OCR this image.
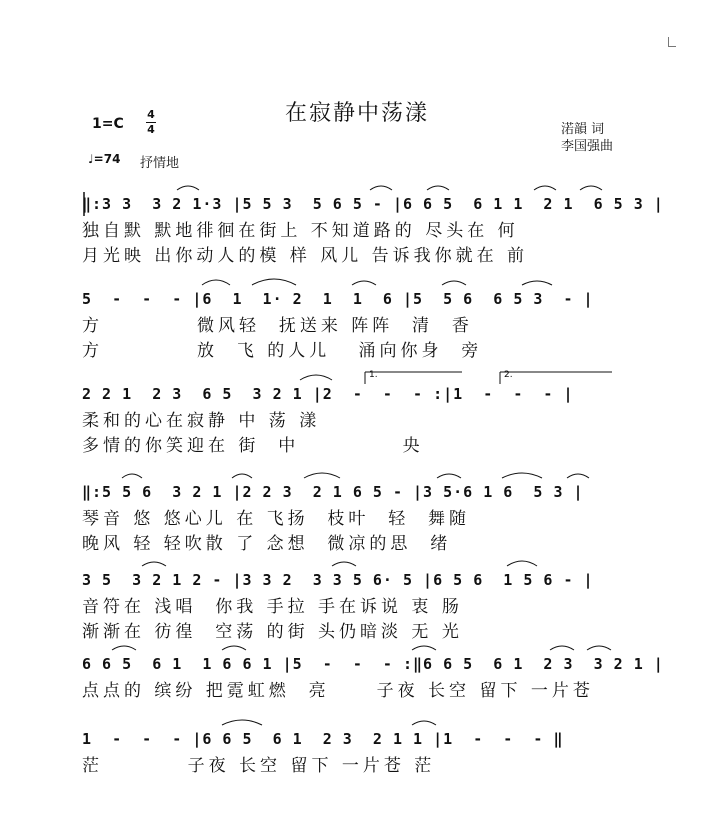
在寂静中荡漾
1=C
4
4	渃韻 词
李国强曲
♩=74 抒情地
‖:3 3  3 2 1·3 |5 5 3  5 6 5 - |6 6 5  6 1 1  2 1  6 5 3 |
独自默 默地徘徊在街上 不知道路的 尽头在 何
月光映 出你动人的模 样 风儿 告诉我你就在 前
5  -  -  - |6  1  1· 2  1  1  6 |5  5 6  6 5 3  - |
方          微风轻  抚送来 阵阵  清  香
方          放  飞 的人儿   涌向你身  旁
1.	2.
2 2 1  2 3  6 5  3 2 1 |2  -  -  - :|1  -  -  - |
柔和的心在寂静 中 荡 漾
多情的你笑迎在 街  中           央
‖:5 5 6  3 2 1 |2 2 3  2 1 6 5 - |3 5·6 1 6  5 3 |
琴音 悠 悠心儿 在 飞扬  枝叶  轻  舞随
晚风 轻 轻吹散 了 念想  微凉的思  绪
3 5  3 2 1 2 - |3 3 2  3 3 5 6· 5 |6 5 6  1 5 6 - |
音符在 浅唱  你我 手拉 手在诉说 衷 肠
渐渐在 彷徨  空荡 的街 头仍暗淡 无 光
6 6 5  6 1  1 6 6 1 |5  -  -  - :‖6 6 5  6 1  2 3  3 2 1 |
点点的 缤纷 把霓虹燃  亮     子夜 长空 留下 一片苍
1  -  -  - |6 6 5  6 1  2 3  2 1 1 |1  -  -  - ‖
茫         子夜 长空 留下 一片苍 茫
